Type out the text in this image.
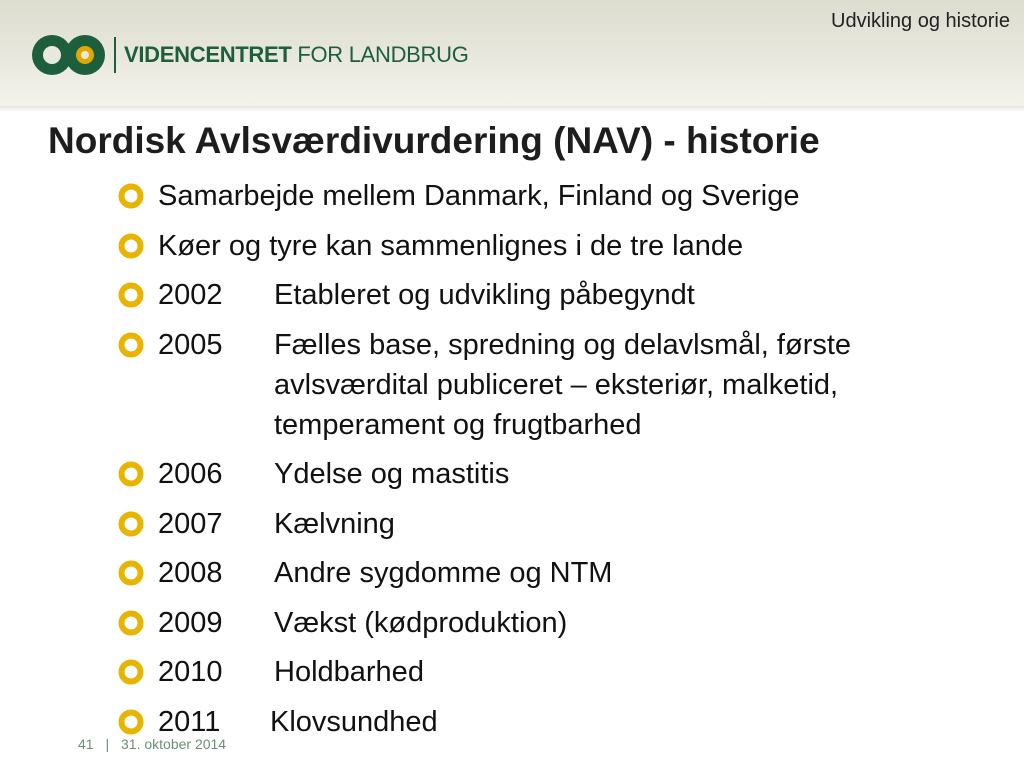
Udvikling og historie
VIDENCENTRET FOR LANDBRUG
Nordisk Avlsværdivurdering (NAV) - historie
Samarbejde mellem Danmark, Finland og Sverige
Køer og tyre kan sammenlignes i de tre lande
2002	Etableret og udvikling påbegyndt
2005	Fælles base, spredning og delavlsmål, første avlsværdital publiceret – eksteriør, malketid, temperament og frugtbarhed
2006	Ydelse og mastitis
2007	Kælvning
2008	Andre sygdomme og NTM
2009	Vækst (kødproduktion)
2010	Holdbarhed
2011	Klovsundhed
41 | 31. oktober 2014
